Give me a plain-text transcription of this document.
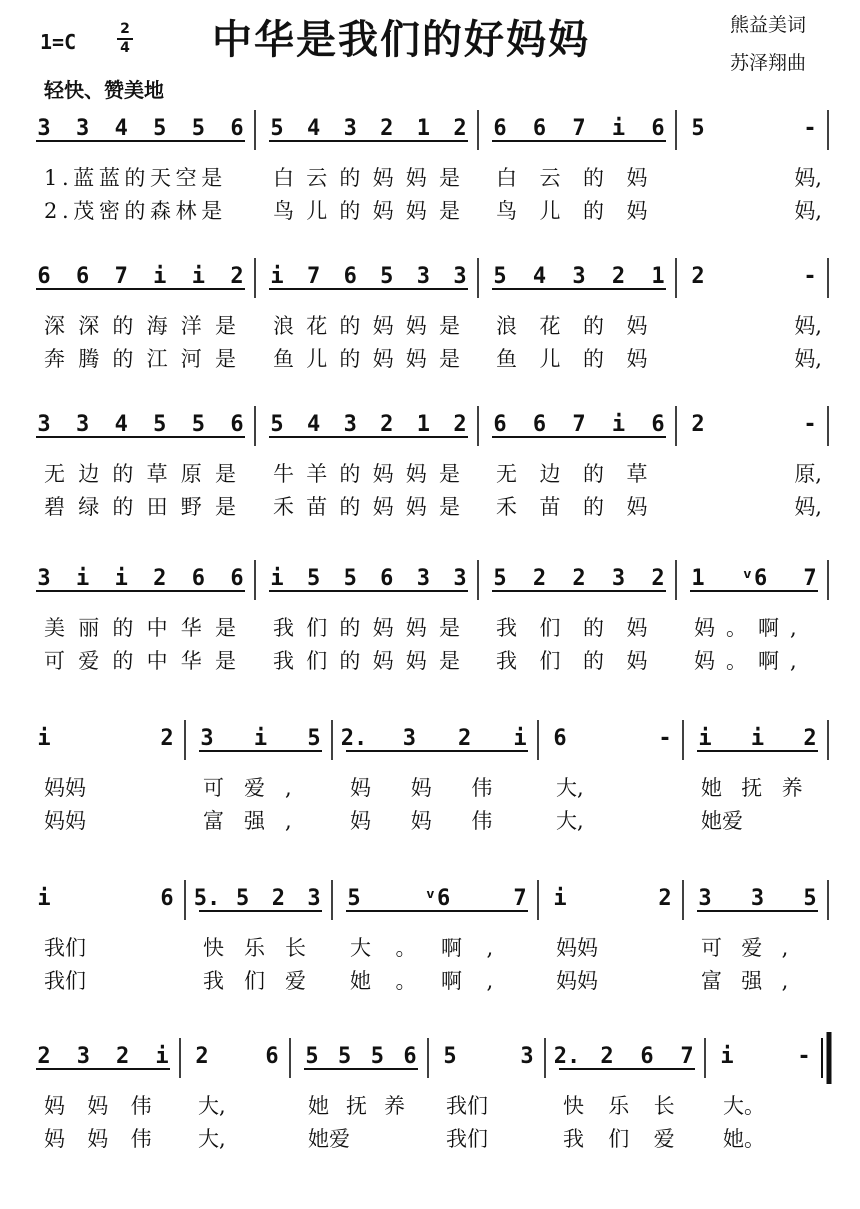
1=C
2
4 中华是我们的好妈妈	熊益美词
苏泽翔曲
轻快、赞美地
3 3 4 5 5 6 5 4 3 2 1 2 6 6 7 i 6 5	-
6 6 7 i i 2 i 7 6 5 3 3 5 4 3 2 1 2	-
3 3 4 5 5 6 5 4 3 2 1 2 6 6 7 i 6 2	-
3 i i 2 6 6 i 5 5 6 3 3 5 2 2 3 2 1 ᵛ6 7
i	2 3 i 5 2. 3 2 i 6	- i i 2
i	6 5. 5 2 3 5	ᵛ6	7 i	2 3 3 5
2 3 2 i 2	6 5 5 5 6 5	3 2. 2 6 7 i	-
1.蓝蓝的天空是	白云的妈妈是 白云的妈	妈,
2.茂密的森林是	鸟儿的妈妈是 鸟儿的妈	妈,
深深的海洋是 浪花的妈妈是 浪花的妈	妈,
奔腾的江河是 鱼儿的妈妈是 鱼儿的妈	妈,
无边的草原是 牛羊的妈妈是 无边的草	原,
碧绿的田野是 禾苗的妈妈是 禾苗的妈	妈,
美丽的中华是 我们的妈妈是 我们的妈 妈。啊,
可爱的中华是 我们的妈妈是 我们的妈 妈。啊,
妈妈	可爱,	妈妈伟 大,	她抚养
妈妈	富强,	妈妈伟 大,	她爱
我们	快乐长 大。啊,	妈妈	可爱,
我们	我们爱 她。啊,	妈妈	富强,
妈妈伟 大,	她抚养 我们	快乐长 大。
妈妈伟 大,	她爱	我们	我们爱 她。
